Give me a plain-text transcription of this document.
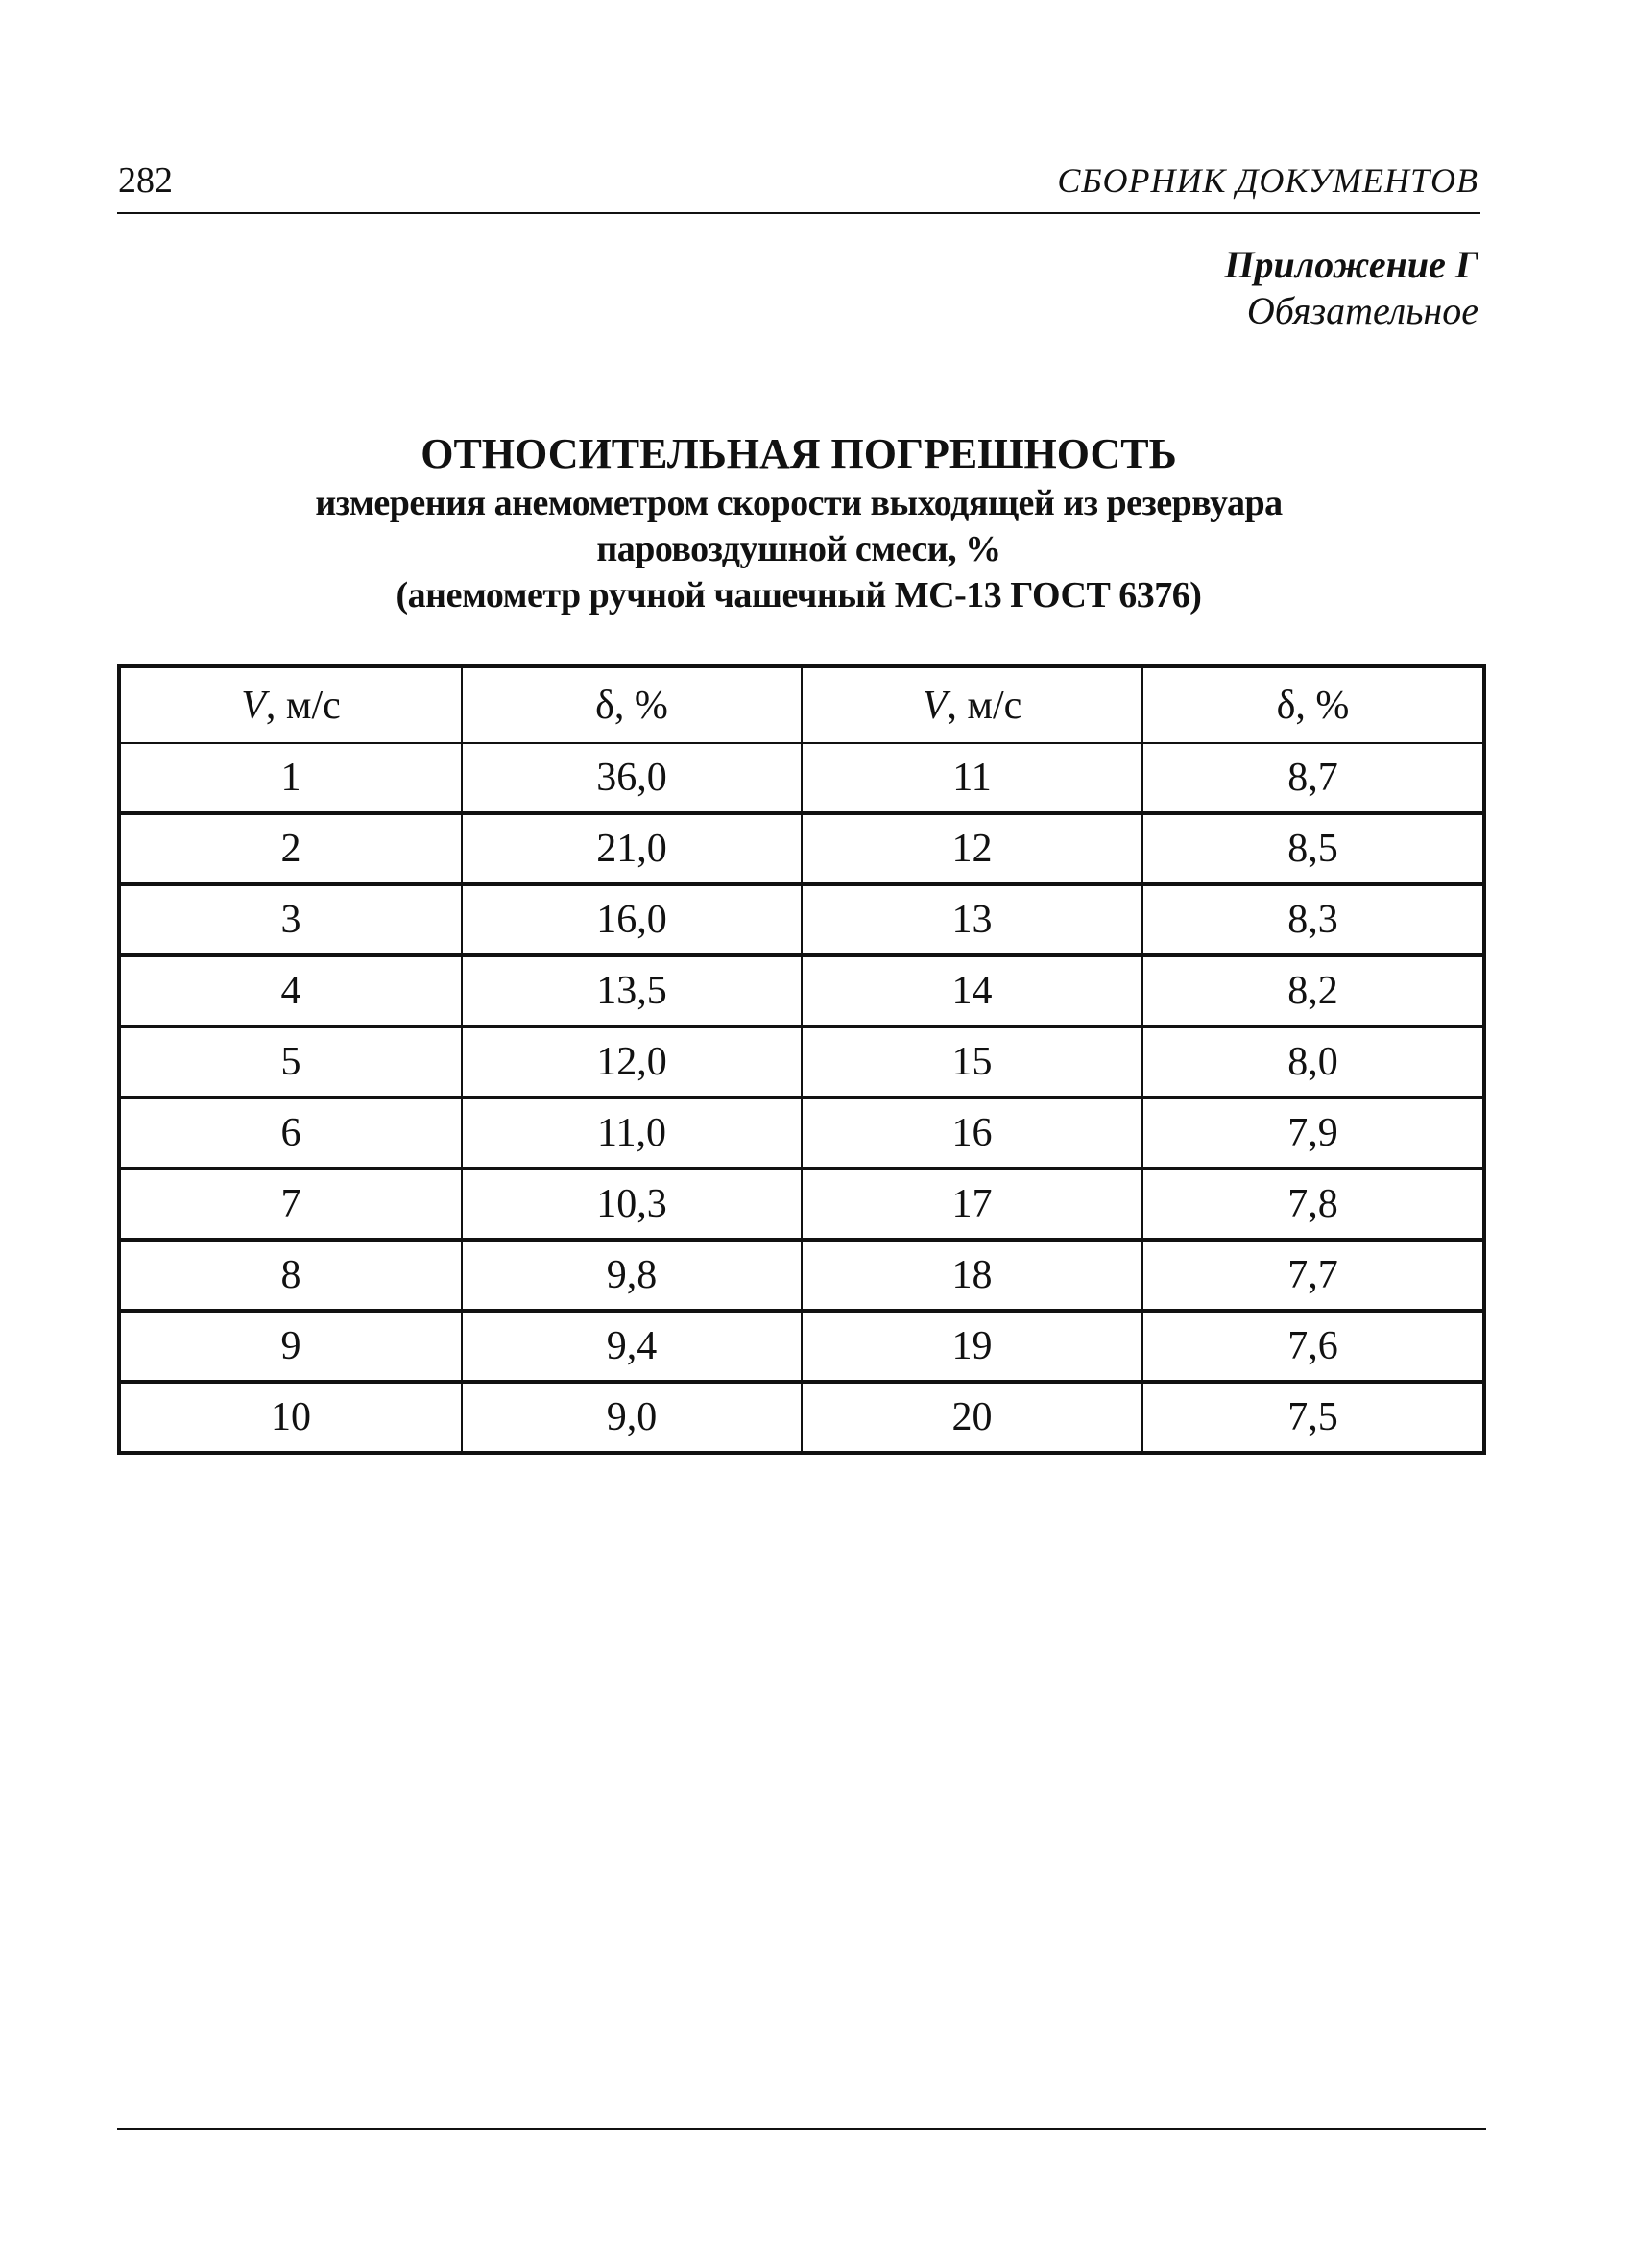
282	СБОРНИК ДОКУМЕНТОВ
Приложение Г
Обязательное
ОТНОСИТЕЛЬНАЯ ПОГРЕШНОСТЬ
измерения анемометром скорости выходящей из резервуара
паровоздушной смеси, %
(анемометр ручной чашечный МС-13 ГОСТ 6376)
V, м/с	δ, %	V, м/с	δ, %
1	36,0	11	8,7
2	21,0	12	8,5
3	16,0	13	8,3
4	13,5	14	8,2
5	12,0	15	8,0
6	11,0	16	7,9
7	10,3	17	7,8
8	9,8	18	7,7
9	9,4	19	7,6
10	9,0	20	7,5
